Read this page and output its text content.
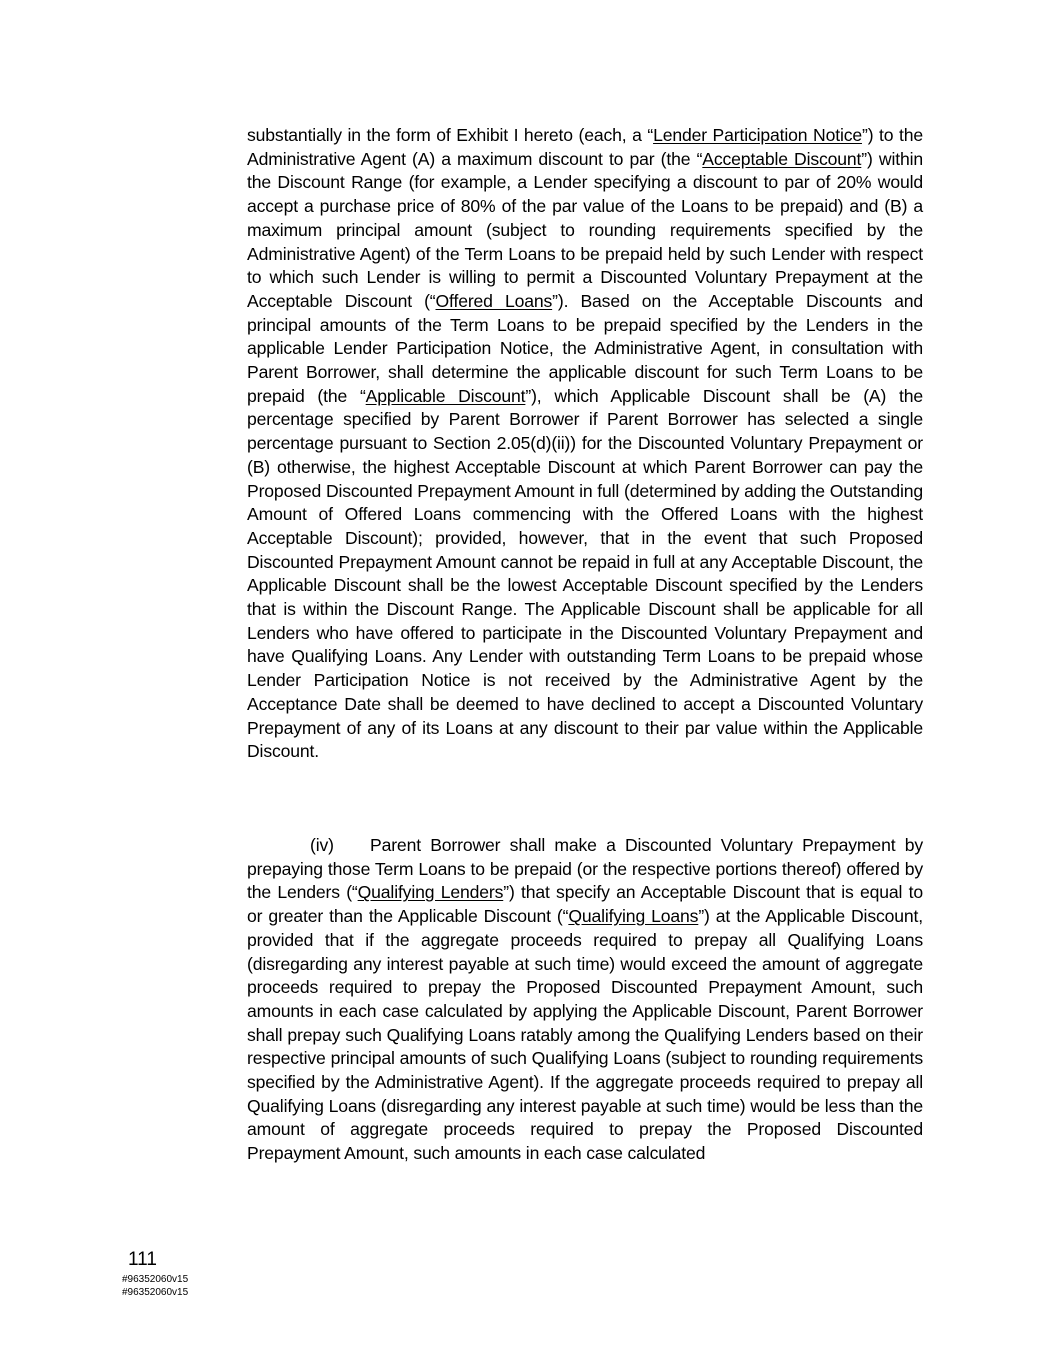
substantially in the form of Exhibit I hereto (each, a “Lender Participation Notice”) to the Administrative Agent (A) a maximum discount to par (the “Acceptable Discount”) within the Discount Range (for example, a Lender specifying a discount to par of 20% would accept a purchase price of 80% of the par value of the Loans to be prepaid) and (B) a maximum principal amount (subject to rounding requirements specified by the Administrative Agent) of the Term Loans to be prepaid held by such Lender with respect to which such Lender is willing to permit a Discounted Voluntary Prepayment at the Acceptable Discount (“Offered Loans”). Based on the Acceptable Discounts and principal amounts of the Term Loans to be prepaid specified by the Lenders in the applicable Lender Participation Notice, the Administrative Agent, in consultation with Parent Borrower, shall determine the applicable discount for such Term Loans to be prepaid (the “Applicable Discount”), which Applicable Discount shall be (A) the percentage specified by Parent Borrower if Parent Borrower has selected a single percentage pursuant to Section 2.05(d)(ii)) for the Discounted Voluntary Prepayment or (B) otherwise, the highest Acceptable Discount at which Parent Borrower can pay the Proposed Discounted Prepayment Amount in full (determined by adding the Outstanding Amount of Offered Loans commencing with the Offered Loans with the highest Acceptable Discount); provided, however, that in the event that such Proposed Discounted Prepayment Amount cannot be repaid in full at any Acceptable Discount, the Applicable Discount shall be the lowest Acceptable Discount specified by the Lenders that is within the Discount Range. The Applicable Discount shall be applicable for all Lenders who have offered to participate in the Discounted Voluntary Prepayment and have Qualifying Loans. Any Lender with outstanding Term Loans to be prepaid whose Lender Participation Notice is not received by the Administrative Agent by the Acceptance Date shall be deemed to have declined to accept a Discounted Voluntary Prepayment of any of its Loans at any discount to their par value within the Applicable Discount.

(iv) Parent Borrower shall make a Discounted Voluntary Prepayment by prepaying those Term Loans to be prepaid (or the respective portions thereof) offered by the Lenders (“Qualifying Lenders”) that specify an Acceptable Discount that is equal to or greater than the Applicable Discount (“Qualifying Loans”) at the Applicable Discount, provided that if the aggregate proceeds required to prepay all Qualifying Loans (disregarding any interest payable at such time) would exceed the amount of aggregate proceeds required to prepay the Proposed Discounted Prepayment Amount, such amounts in each case calculated by applying the Applicable Discount, Parent Borrower shall prepay such Qualifying Loans ratably among the Qualifying Lenders based on their respective principal amounts of such Qualifying Loans (subject to rounding requirements specified by the Administrative Agent). If the aggregate proceeds required to prepay all Qualifying Loans (disregarding any interest payable at such time) would be less than the amount of aggregate proceeds required to prepay the Proposed Discounted Prepayment Amount, such amounts in each case calculated

111
#96352060v15
#96352060v15
